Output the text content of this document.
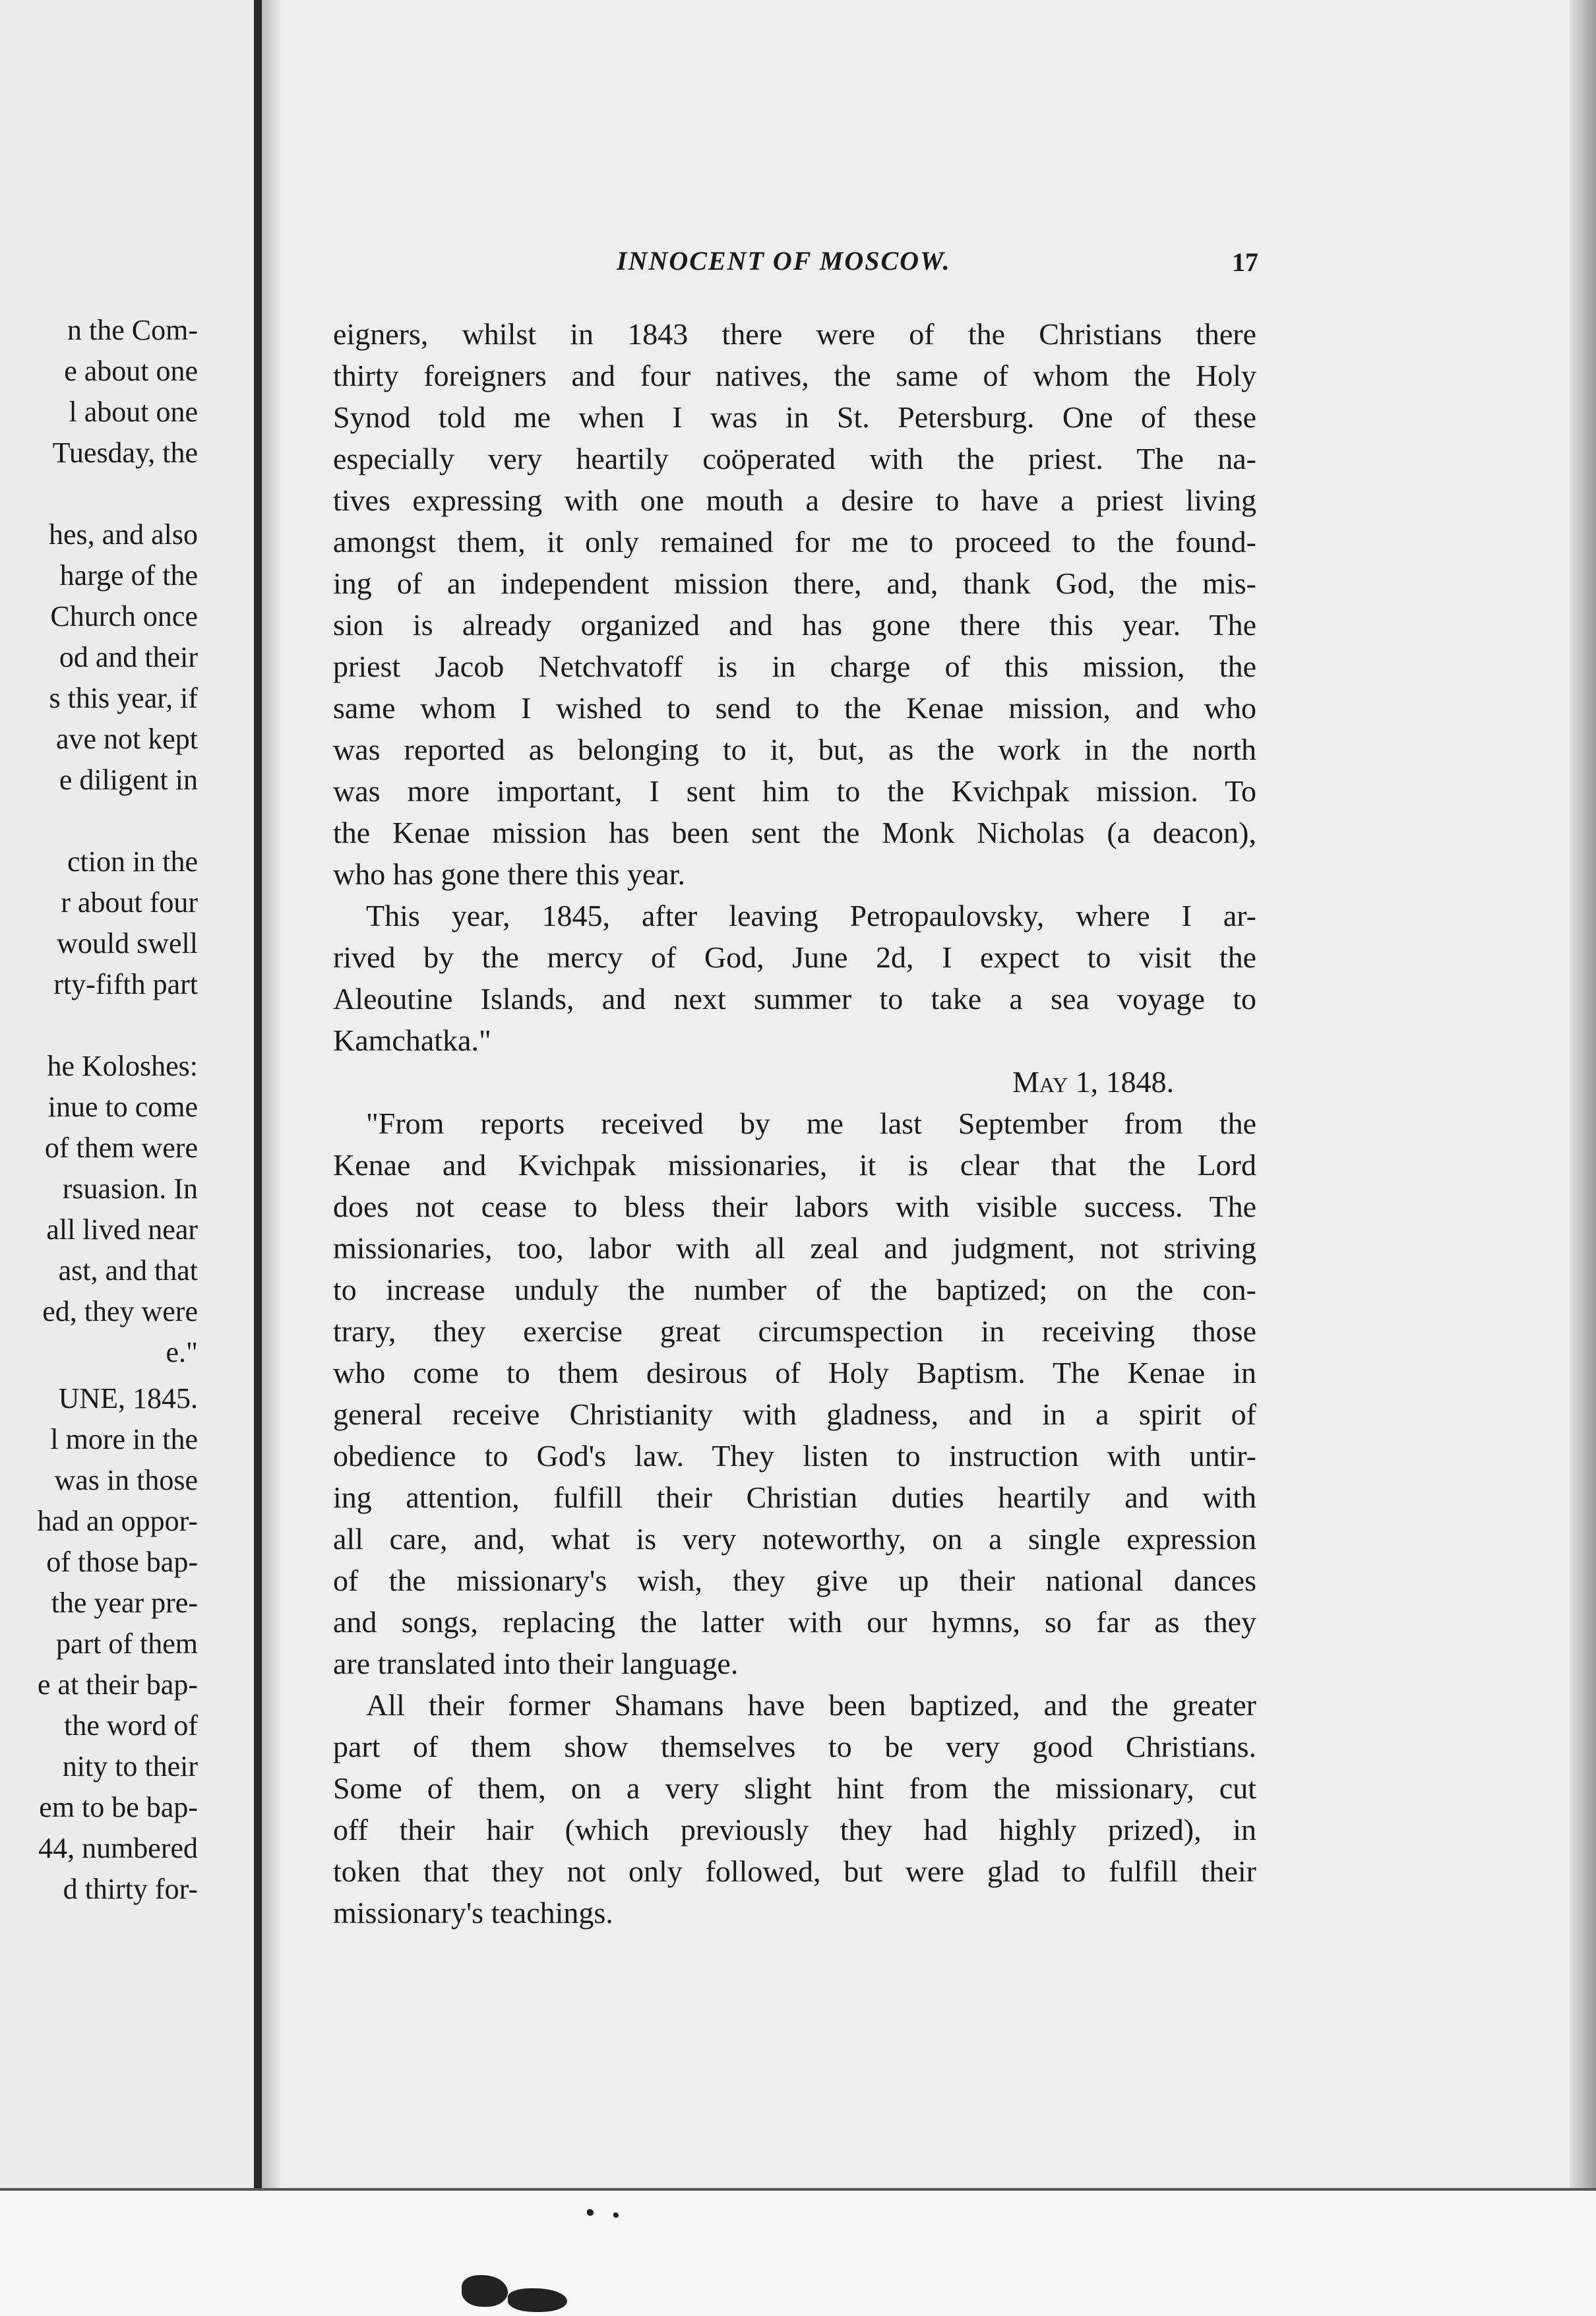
n the Com-
e about one
l about one
Tuesday, the
hes, and also
harge of the
Church once
od and their
s this year, if
ave not kept
e diligent in
ction in the
r about four
would swell
rty-fifth part
he Koloshes:
inue to come
of them were
rsuasion. In
all lived near
ast, and that
ed, they were
e."
UNE, 1845.
l more in the
was in those
had an oppor-
of those bap-
the year pre-
part of them
e at their bap-
the word of
nity to their
em to be bap-
44, numbered
d thirty for-
INNOCENT OF MOSCOW.	17
eigners, whilst in 1843 there were of the Christians there
thirty foreigners and four natives, the same of whom the Holy
Synod told me when I was in St. Petersburg. One of these
especially very heartily coöperated with the priest. The na-
tives expressing with one mouth a desire to have a priest living
amongst them, it only remained for me to proceed to the found-
ing of an independent mission there, and, thank God, the mis-
sion is already organized and has gone there this year. The
priest Jacob Netchvatoff is in charge of this mission, the
same whom I wished to send to the Kenae mission, and who
was reported as belonging to it, but, as the work in the north
was more important, I sent him to the Kvichpak mission. To
the Kenae mission has been sent the Monk Nicholas (a deacon),
who has gone there this year.
This year, 1845, after leaving Petropaulovsky, where I ar-
rived by the mercy of God, June 2d, I expect to visit the
Aleoutine Islands, and next summer to take a sea voyage to
Kamchatka."
May 1, 1848.
"From reports received by me last September from the
Kenae and Kvichpak missionaries, it is clear that the Lord
does not cease to bless their labors with visible success. The
missionaries, too, labor with all zeal and judgment, not striving
to increase unduly the number of the baptized; on the con-
trary, they exercise great circumspection in receiving those
who come to them desirous of Holy Baptism. The Kenae in
general receive Christianity with gladness, and in a spirit of
obedience to God's law. They listen to instruction with untir-
ing attention, fulfill their Christian duties heartily and with
all care, and, what is very noteworthy, on a single expression
of the missionary's wish, they give up their national dances
and songs, replacing the latter with our hymns, so far as they
are translated into their language.
All their former Shamans have been baptized, and the greater
part of them show themselves to be very good Christians.
Some of them, on a very slight hint from the missionary, cut
off their hair (which previously they had highly prized), in
token that they not only followed, but were glad to fulfill their
missionary's teachings.
